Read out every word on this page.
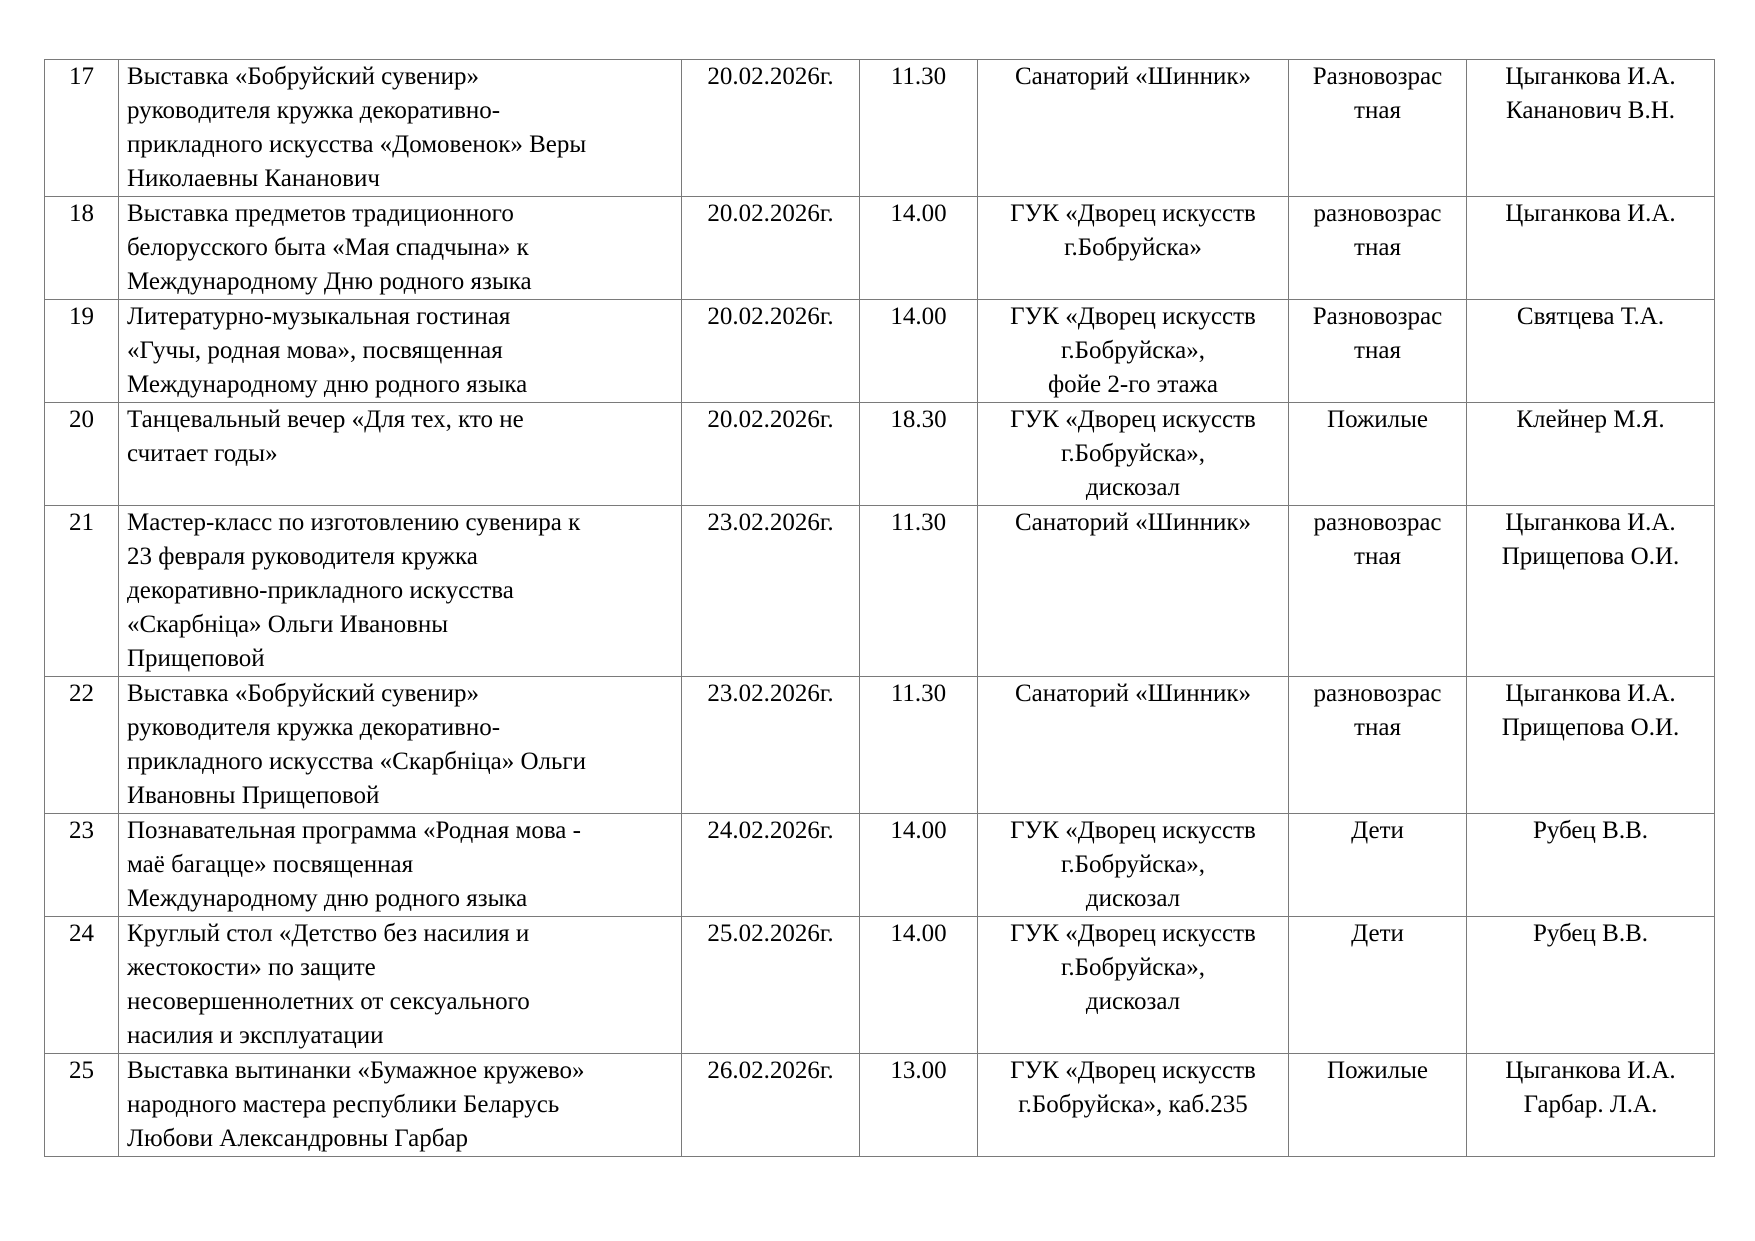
17	Выставка «Бобруйский сувенир»
руководителя кружка декоративно-
прикладного искусства «Домовенок» Веры
Николаевны Кананович	20.02.2026г.	11.30	Санаторий «Шинник»	Разновозрас
тная	Цыганкова И.А.
Кананович В.Н.

18	Выставка предметов традиционного
белорусского быта «Мая спадчына» к
Международному Дню родного языка	20.02.2026г.	14.00	ГУК «Дворец искусств
г.Бобруйска»	разновозрас
тная	Цыганкова И.А.

19	Литературно-музыкальная гостиная
«Гучы, родная мова», посвященная
Международному дню родного языка	20.02.2026г.	14.00	ГУК «Дворец искусств
г.Бобруйска»,
фойе 2-го этажа	Разновозрас
тная	Святцева Т.А.

20	Танцевальный вечер «Для тех, кто не
считает годы»	20.02.2026г.	18.30	ГУК «Дворец искусств
г.Бобруйска»,
дискозал	Пожилые	Клейнер М.Я.

21	Мастер-класс по изготовлению сувенира к
23 февраля руководителя кружка
декоративно-прикладного искусства
«Скарбніца» Ольги Ивановны
Прищеповой	23.02.2026г.	11.30	Санаторий «Шинник»	разновозрас
тная	Цыганкова И.А.
Прищепова О.И.

22	Выставка «Бобруйский сувенир»
руководителя кружка декоративно-
прикладного искусства «Скарбніца» Ольги
Ивановны Прищеповой	23.02.2026г.	11.30	Санаторий «Шинник»	разновозрас
тная	Цыганкова И.А.
Прищепова О.И.

23	Познавательная программа «Родная мова -
маё багацце» посвященная
Международному дню родного языка	24.02.2026г.	14.00	ГУК «Дворец искусств
г.Бобруйска»,
дискозал	Дети	Рубец В.В.

24	Круглый стол «Детство без насилия и
жестокости» по защите
несовершеннолетних от сексуального
насилия и эксплуатации	25.02.2026г.	14.00	ГУК «Дворец искусств
г.Бобруйска»,
дискозал	Дети	Рубец В.В.

25	Выставка вытинанки «Бумажное кружево»
народного мастера республики Беларусь
Любови Александровны Гарбар	26.02.2026г.	13.00	ГУК «Дворец искусств
г.Бобруйска», каб.235	Пожилые	Цыганкова И.А.
Гарбар. Л.А.
